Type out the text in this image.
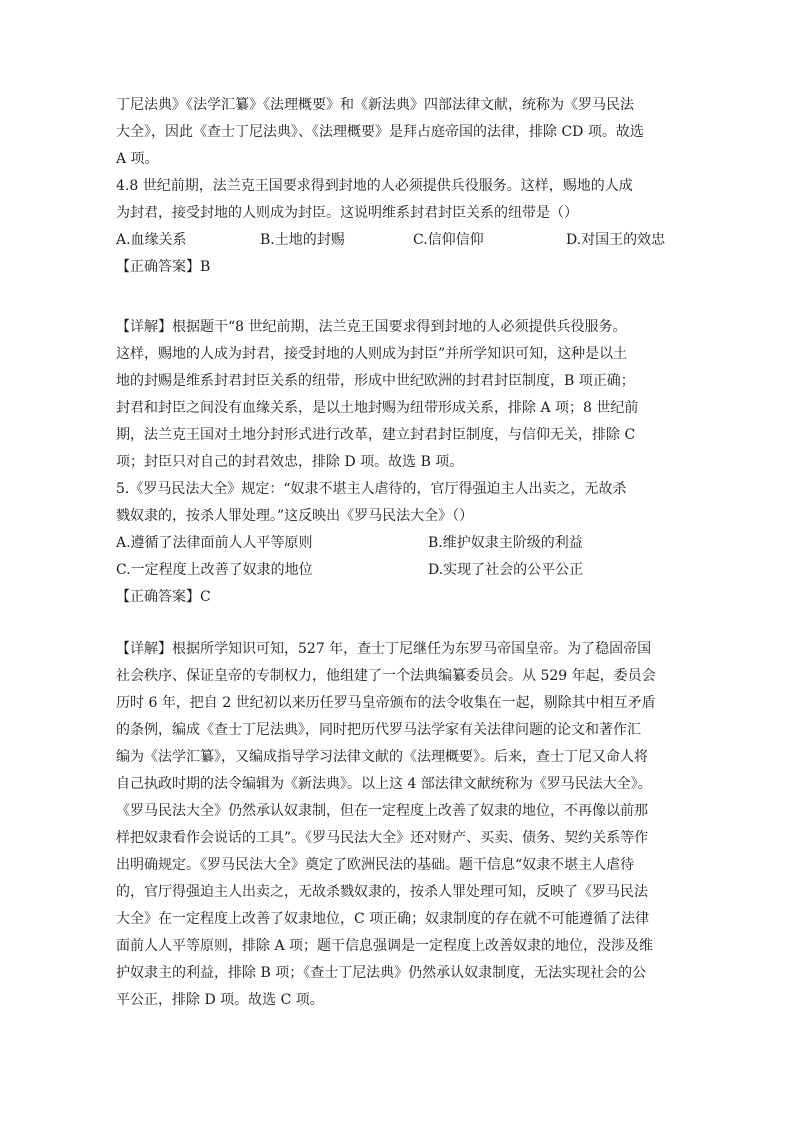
丁尼法典》《法学汇纂》《法理概要》和《新法典》四部法律文献，统称为《罗马民法
大全》，因此《查士丁尼法典》、《法理概要》是拜占庭帝国的法律，排除 CD 项。故选
A 项。
4.8 世纪前期，法兰克王国要求得到封地的人必须提供兵役服务。这样，赐地的人成
为封君，接受封地的人则成为封臣。这说明维系封君封臣关系的纽带是（）
A.血缘关系	B.土地的封赐	C.信仰信仰	D.对国王的效忠
【正确答案】B
【详解】根据题干“8 世纪前期，法兰克王国要求得到封地的人必须提供兵役服务。
这样，赐地的人成为封君，接受封地的人则成为封臣”并所学知识可知，这种是以土
地的封赐是维系封君封臣关系的纽带，形成中世纪欧洲的封君封臣制度，B 项正确；
封君和封臣之间没有血缘关系，是以土地封赐为纽带形成关系，排除 A 项；8 世纪前
期，法兰克王国对土地分封形式进行改革，建立封君封臣制度，与信仰无关，排除 C
项；封臣只对自己的封君效忠，排除 D 项。故选 B 项。
5.《罗马民法大全》规定：“奴隶不堪主人虐待的，官厅得强迫主人出卖之，无故杀
戮奴隶的，按杀人罪处理。”这反映出《罗马民法大全》（）
A.遵循了法律面前人人平等原则	B.维护奴隶主阶级的利益
C.一定程度上改善了奴隶的地位	D.实现了社会的公平公正
【正确答案】C
【详解】根据所学知识可知，527 年，查士丁尼继任为东罗马帝国皇帝。为了稳固帝国
社会秩序、保证皇帝的专制权力，他组建了一个法典编纂委员会。从 529 年起，委员会
历时 6 年，把自 2 世纪初以来历任罗马皇帝颁布的法令收集在一起，剔除其中相互矛盾
的条例，编成《查士丁尼法典》，同时把历代罗马法学家有关法律问题的论文和著作汇
编为《法学汇纂》，又编成指导学习法律文献的《法理概要》。后来，查士丁尼又命人将
自己执政时期的法令编辑为《新法典》。以上这 4 部法律文献统称为《罗马民法大全》。
《罗马民法大全》仍然承认奴隶制，但在一定程度上改善了奴隶的地位，不再像以前那
样把奴隶看作会说话的工具”。《罗马民法大全》还对财产、买卖、债务、契约关系等作
出明确规定。《罗马民法大全》奠定了欧洲民法的基础。题干信息“奴隶不堪主人虐待
的，官厅得强迫主人出卖之，无故杀戮奴隶的，按杀人罪处理可知，反映了《罗马民法
大全》在一定程度上改善了奴隶地位，C 项正确；奴隶制度的存在就不可能遵循了法律
面前人人平等原则，排除 A 项；题干信息强调是一定程度上改善奴隶的地位，没涉及维
护奴隶主的利益，排除 B 项；《查士丁尼法典》仍然承认奴隶制度，无法实现社会的公
平公正，排除 D 项。故选 C 项。
